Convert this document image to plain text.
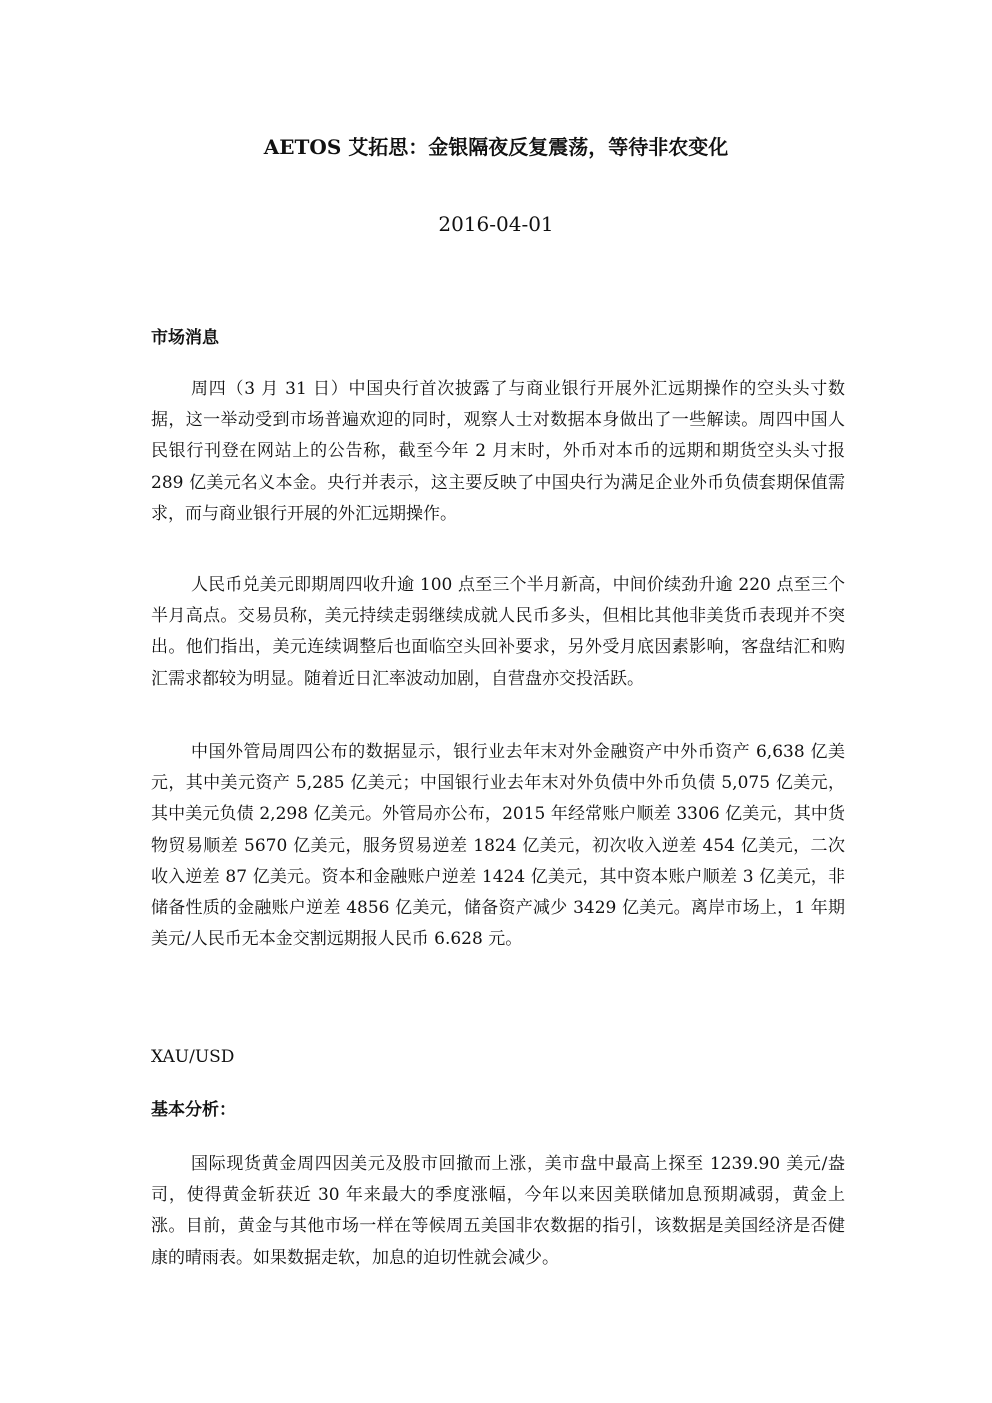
AETOS 艾拓思：金银隔夜反复震荡，等待非农变化
2016-04-01
市场消息

周四（3 月 31 日）中国央行首次披露了与商业银行开展外汇远期操作的空头头寸数据，这一举动受到市场普遍欢迎的同时，观察人士对数据本身做出了一些解读。周四中国人民银行刊登在网站上的公告称，截至今年 2 月末时，外币对本币的远期和期货空头头寸报 289 亿美元名义本金。央行并表示，这主要反映了中国央行为满足企业外币负债套期保值需求，而与商业银行开展的外汇远期操作。

人民币兑美元即期周四收升逾 100 点至三个半月新高，中间价续劲升逾 220 点至三个半月高点。交易员称，美元持续走弱继续成就人民币多头，但相比其他非美货币表现并不突出。他们指出，美元连续调整后也面临空头回补要求，另外受月底因素影响，客盘结汇和购汇需求都较为明显。随着近日汇率波动加剧，自营盘亦交投活跃。

中国外管局周四公布的数据显示，银行业去年末对外金融资产中外币资产 6,638 亿美元，其中美元资产 5,285 亿美元；中国银行业去年末对外负债中外币负债 5,075 亿美元，其中美元负债 2,298 亿美元。外管局亦公布，2015 年经常账户顺差 3306 亿美元，其中货物贸易顺差 5670 亿美元，服务贸易逆差 1824 亿美元，初次收入逆差 454 亿美元，二次收入逆差 87 亿美元。资本和金融账户逆差 1424 亿美元，其中资本账户顺差 3 亿美元，非储备性质的金融账户逆差 4856 亿美元，储备资产减少 3429 亿美元。离岸市场上，1 年期美元/人民币无本金交割远期报人民币 6.628 元。

XAU/USD
基本分析：

国际现货黄金周四因美元及股市回撤而上涨，美市盘中最高上探至 1239.90 美元/盎司，使得黄金斩获近 30 年来最大的季度涨幅，今年以来因美联储加息预期减弱，黄金上涨。目前，黄金与其他市场一样在等候周五美国非农数据的指引，该数据是美国经济是否健康的晴雨表。如果数据走软，加息的迫切性就会减少。
